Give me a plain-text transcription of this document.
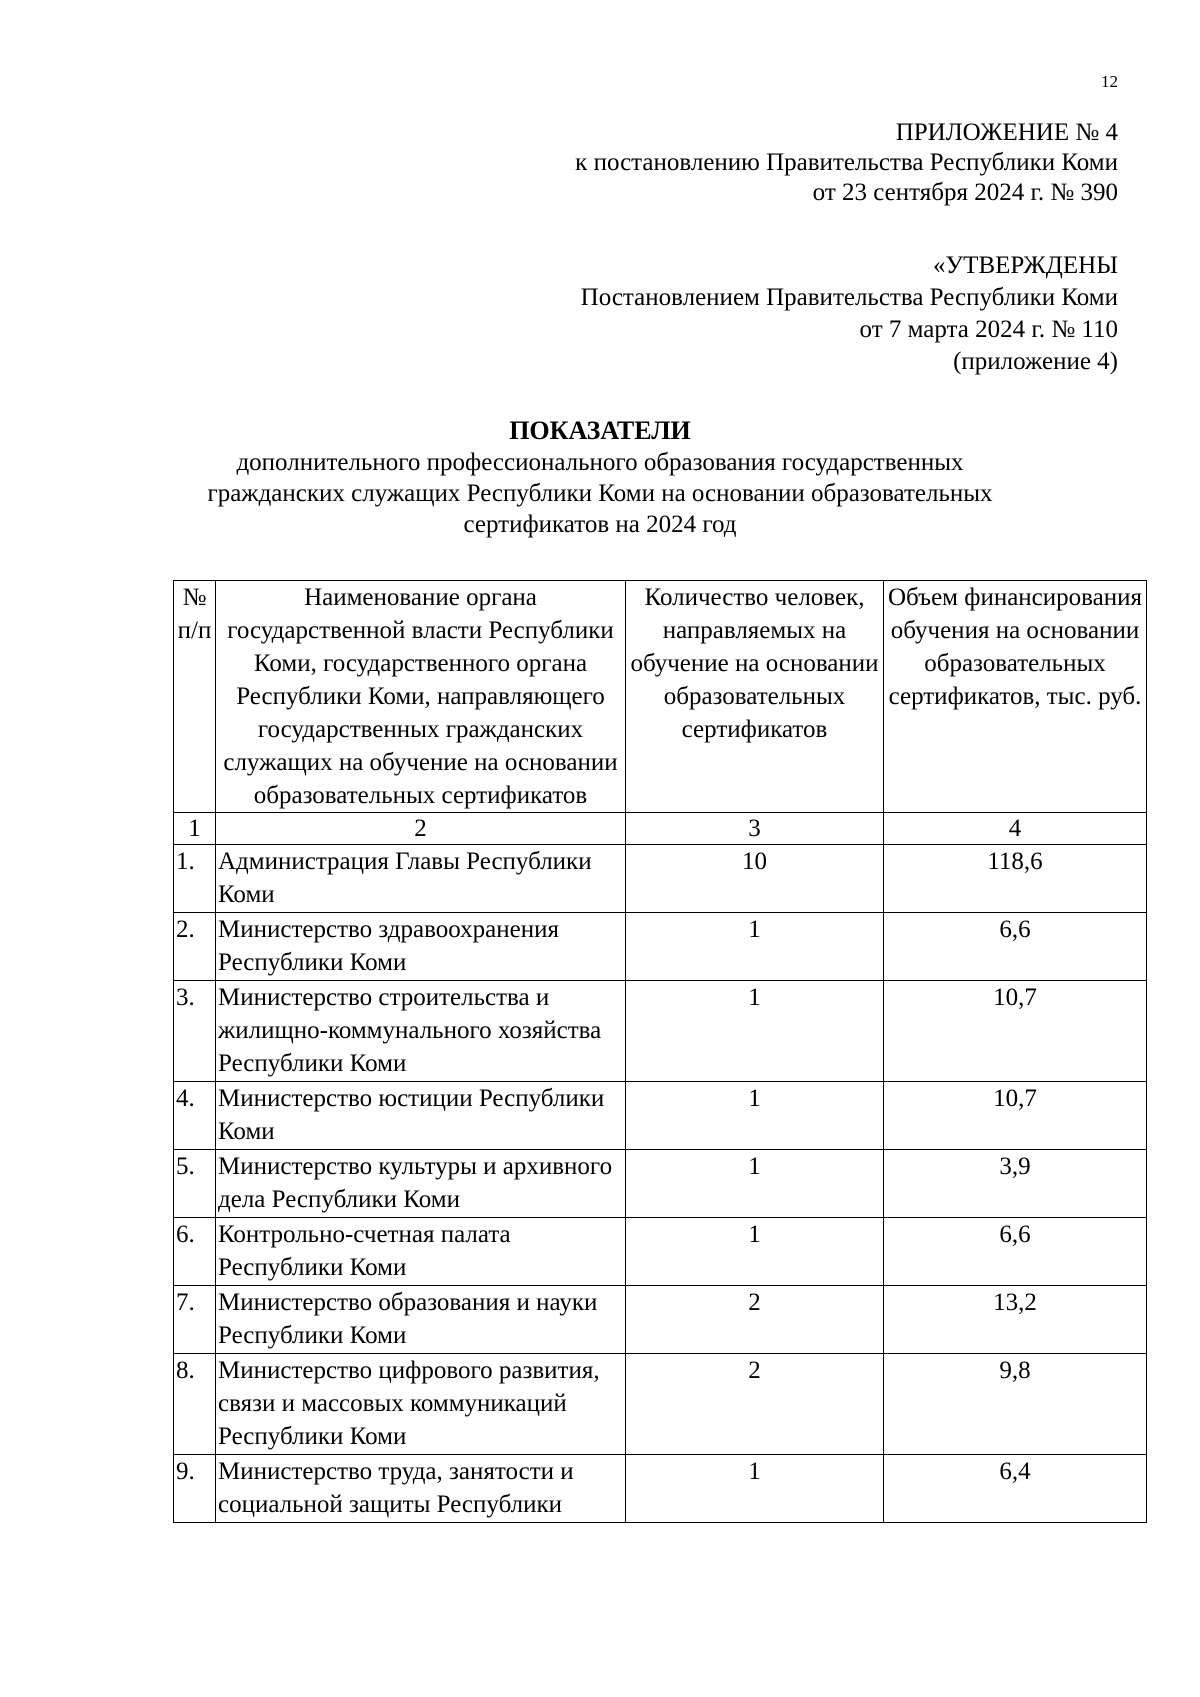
12
ПРИЛОЖЕНИЕ № 4
к постановлению Правительства Республики Коми
от 23 сентября 2024 г. № 390
«УТВЕРЖДЕНЫ
Постановлением Правительства Республики Коми
от 7 марта 2024 г. № 110
(приложение 4)
ПОКАЗАТЕЛИ
дополнительного профессионального образования государственных
гражданских служащих Республики Коми на основании образовательных
сертификатов на 2024 год
№ п/п	Наименование органа государственной власти Республики Коми, государственного органа Республики Коми, направляющего государственных гражданских служащих на обучение на основании образовательных сертификатов	Количество человек, направляемых на обучение на основании образовательных сертификатов	Объем финансирования обучения на основании образовательных сертификатов, тыс. руб.
1	2	3	4
1.	Администрация Главы Республики Коми	10	118,6
2.	Министерство здравоохранения Республики Коми	1	6,6
3.	Министерство строительства и жилищно-коммунального хозяйства Республики Коми	1	10,7
4.	Министерство юстиции Республики Коми	1	10,7
5.	Министерство культуры и архивного дела Республики Коми	1	3,9
6.	Контрольно-счетная палата Республики Коми	1	6,6
7.	Министерство образования и науки Республики Коми	2	13,2
8.	Министерство цифрового развития, связи и массовых коммуникаций Республики Коми	2	9,8
9.	Министерство труда, занятости и социальной защиты Республики	1	6,4
